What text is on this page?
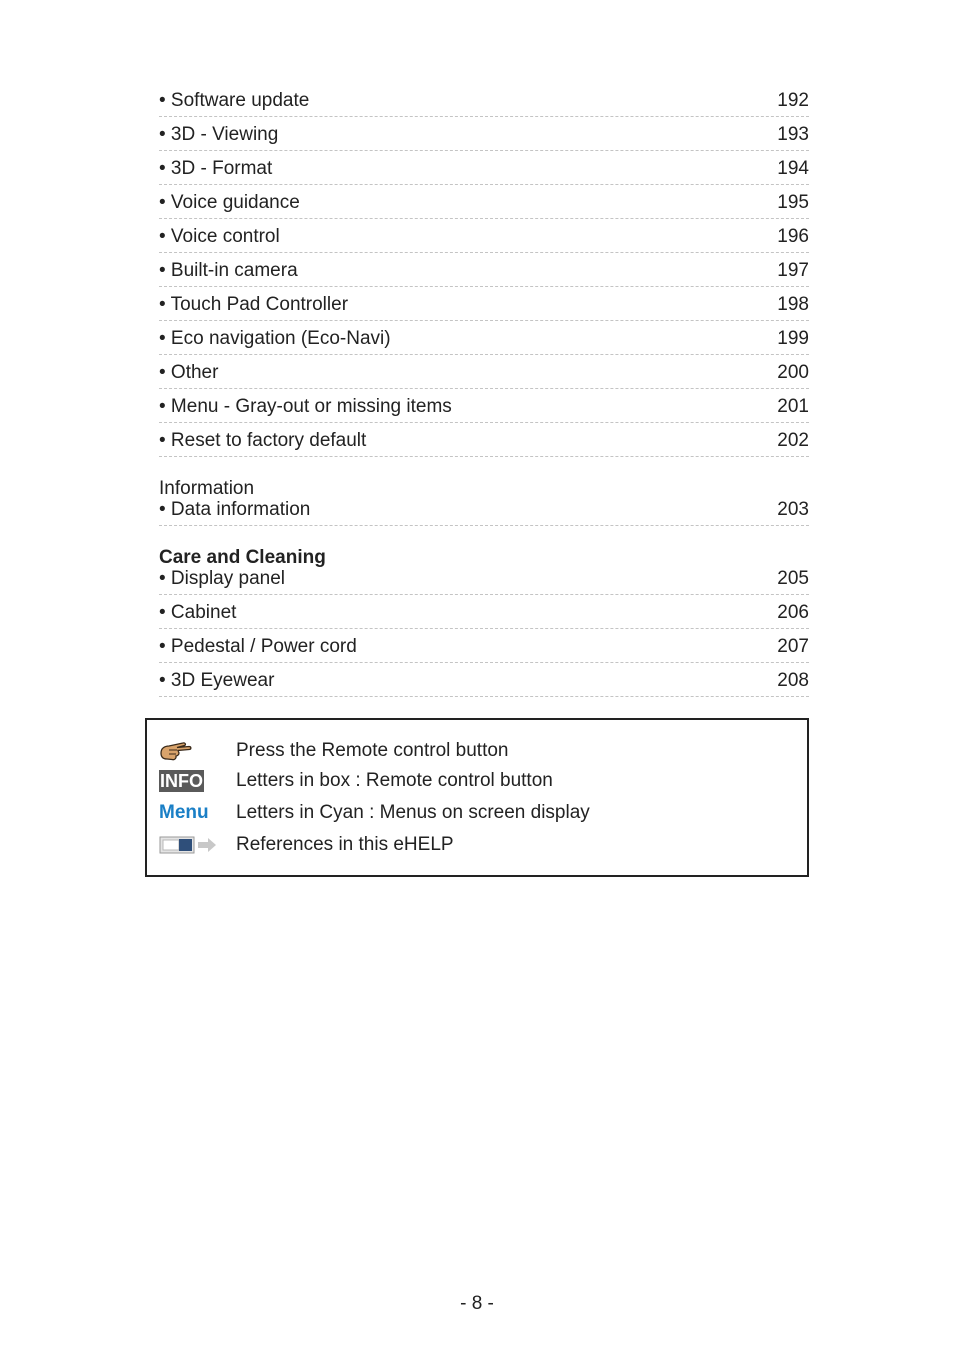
• Software update	192
• 3D - Viewing	193
• 3D - Format	194
• Voice guidance	195
• Voice control	196
• Built-in camera	197
• Touch Pad Controller	198
• Eco navigation (Eco-Navi)	199
• Other	200
• Menu - Gray-out or missing items	201
• Reset to factory default	202
Information
• Data information	203
Care and Cleaning
• Display panel	205
• Cabinet	206
• Pedestal / Power cord	207
• 3D Eyewear	208
Press the Remote control button
INFO Letters in box : Remote control button
Menu Letters in Cyan : Menus on screen display
References in this eHELP
- 8 -
